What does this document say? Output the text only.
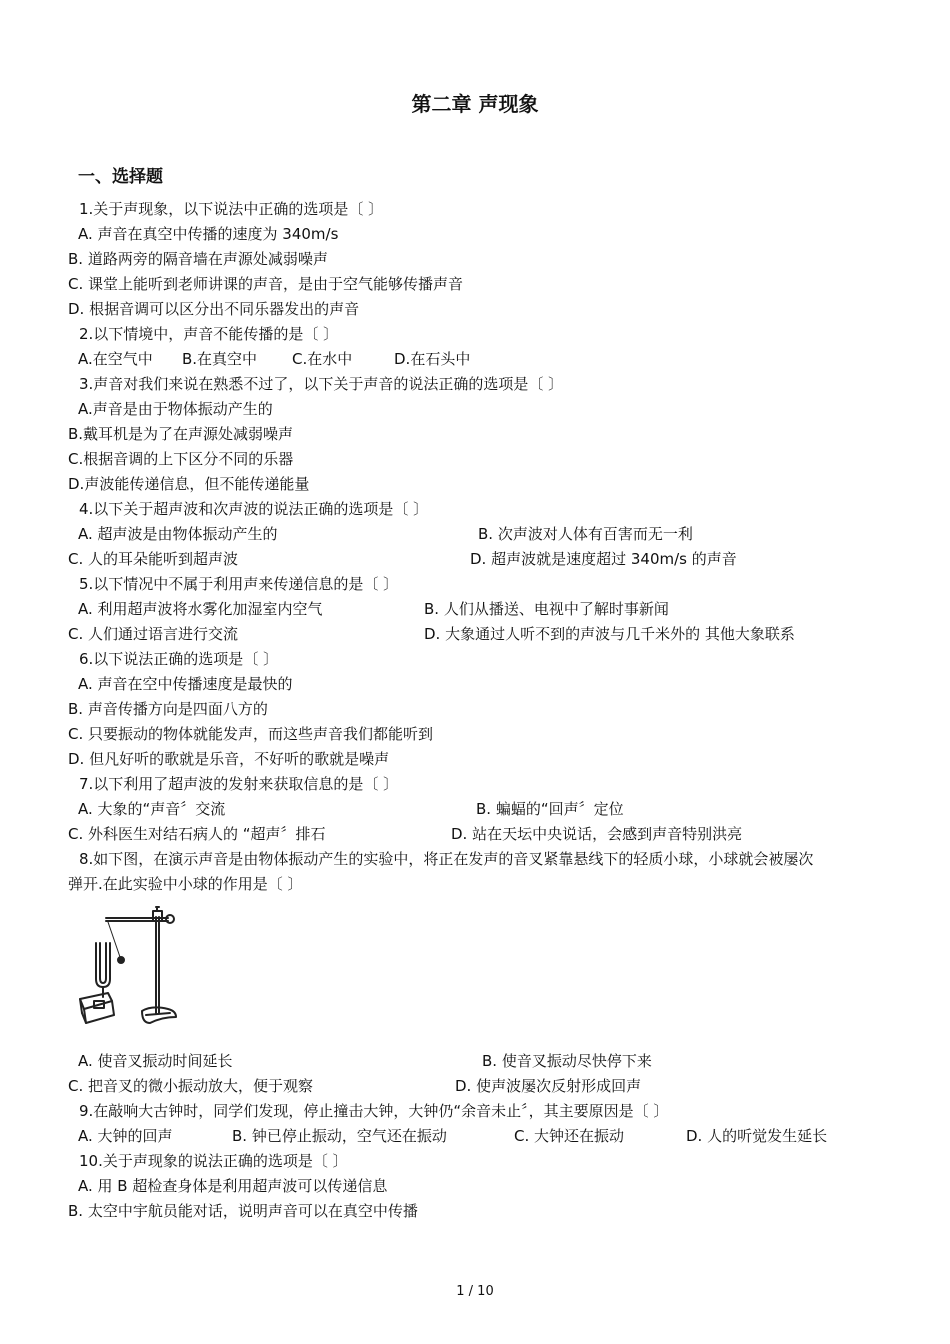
第二章 声现象
一、选择题
1.关于声现象，以下说法中正确的选项是〔 〕
A. 声音在真空中传播的速度为 340m/s
B. 道路两旁的隔音墙在声源处减弱噪声
C. 课堂上能听到老师讲课的声音，是由于空气能够传播声音
D. 根据音调可以区分出不同乐器发出的声音
2.以下情境中，声音不能传播的是〔 〕
A.在空气中 B.在真空中 C.在水中	D.在石头中
3.声音对我们来说在熟悉不过了，以下关于声音的说法正确的选项是〔 〕
A.声音是由于物体振动产生的
B.戴耳机是为了在声源处减弱噪声
C.根据音调的上下区分不同的乐器
D.声波能传递信息，但不能传递能量
4.以下关于超声波和次声波的说法正确的选项是〔 〕
A. 超声波是由物体振动产生的	B. 次声波对人体有百害而无一利
C. 人的耳朵能听到超声波	D. 超声波就是速度超过 340m/s 的声音
5.以下情况中不属于利用声来传递信息的是〔 〕
A. 利用超声波将水雾化加湿室内空气	B. 人们从播送、电视中了解时事新闻
C. 人们通过语言进行交流	D. 大象通过人听不到的声波与几千米外的 其他大象联系
6.以下说法正确的选项是〔 〕
A. 声音在空中传播速度是最快的
B. 声音传播方向是四面八方的
C. 只要振动的物体就能发声，而这些声音我们都能听到
D. 但凡好听的歌就是乐音，不好听的歌就是噪声
7.以下利用了超声波的发射来获取信息的是〔 〕
A. 大象的“声音〞交流	B. 蝙蝠的“回声〞定位
C. 外科医生对结石病人的 “超声〞排石	D. 站在天坛中央说话，会感到声音特别洪亮
8.如下图，在演示声音是由物体振动产生的实验中，将正在发声的音叉紧靠悬线下的轻质小球，小球就会被屡次
弹开.在此实验中小球的作用是〔 〕
A. 使音叉振动时间延长	B. 使音叉振动尽快停下来
C. 把音叉的微小振动放大，便于观察	D. 使声波屡次反射形成回声
9.在敲响大古钟时，同学们发现，停止撞击大钟，大钟仍“余音未止〞，其主要原因是〔 〕
A. 大钟的回声	B. 钟已停止振动，空气还在振动	C. 大钟还在振动	D. 人的听觉发生延长
10.关于声现象的说法正确的选项是〔 〕
A. 用 B 超检查身体是利用超声波可以传递信息
B. 太空中宇航员能对话，说明声音可以在真空中传播
1 / 10
